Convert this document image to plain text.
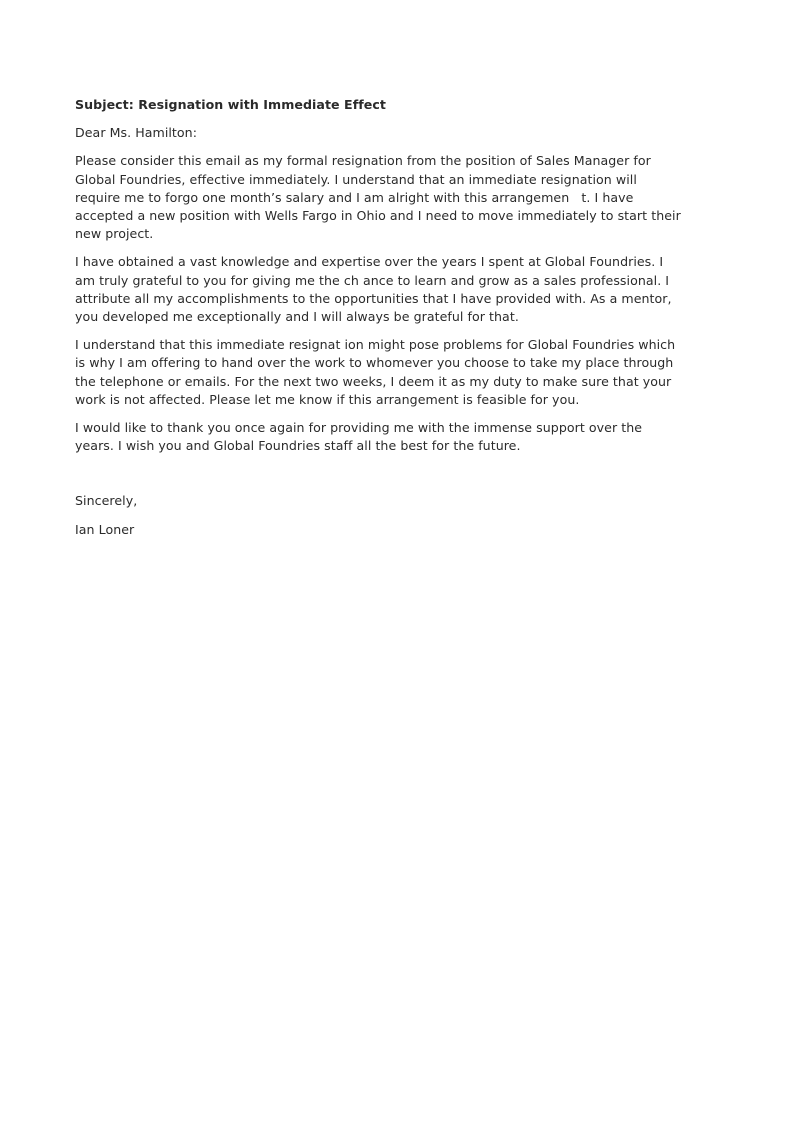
Subject: Resignation with Immediate Effect
Dear Ms. Hamilton:
Please consider this email as my formal resignation from the position of Sales Manager for
Global Foundries, effective immediately. I understand that an immediate resignation will
require me to forgo one month’s salary and I am alright with this arrangemen   t. I have
accepted a new position with Wells Fargo in Ohio and I need to move immediately to start their
new project.
I have obtained a vast knowledge and expertise over the years I spent at Global Foundries. I
am truly grateful to you for giving me the ch ance to learn and grow as a sales professional. I
attribute all my accomplishments to the opportunities that I have provided with. As a mentor,
you developed me exceptionally and I will always be grateful for that.
I understand that this immediate resignat ion might pose problems for Global Foundries which
is why I am offering to hand over the work to whomever you choose to take my place through
the telephone or emails. For the next two weeks, I deem it as my duty to make sure that your
work is not affected. Please let me know if this arrangement is feasible for you.
I would like to thank you once again for providing me with the immense support over the
years. I wish you and Global Foundries staff all the best for the future.
Sincerely,
Ian Loner
